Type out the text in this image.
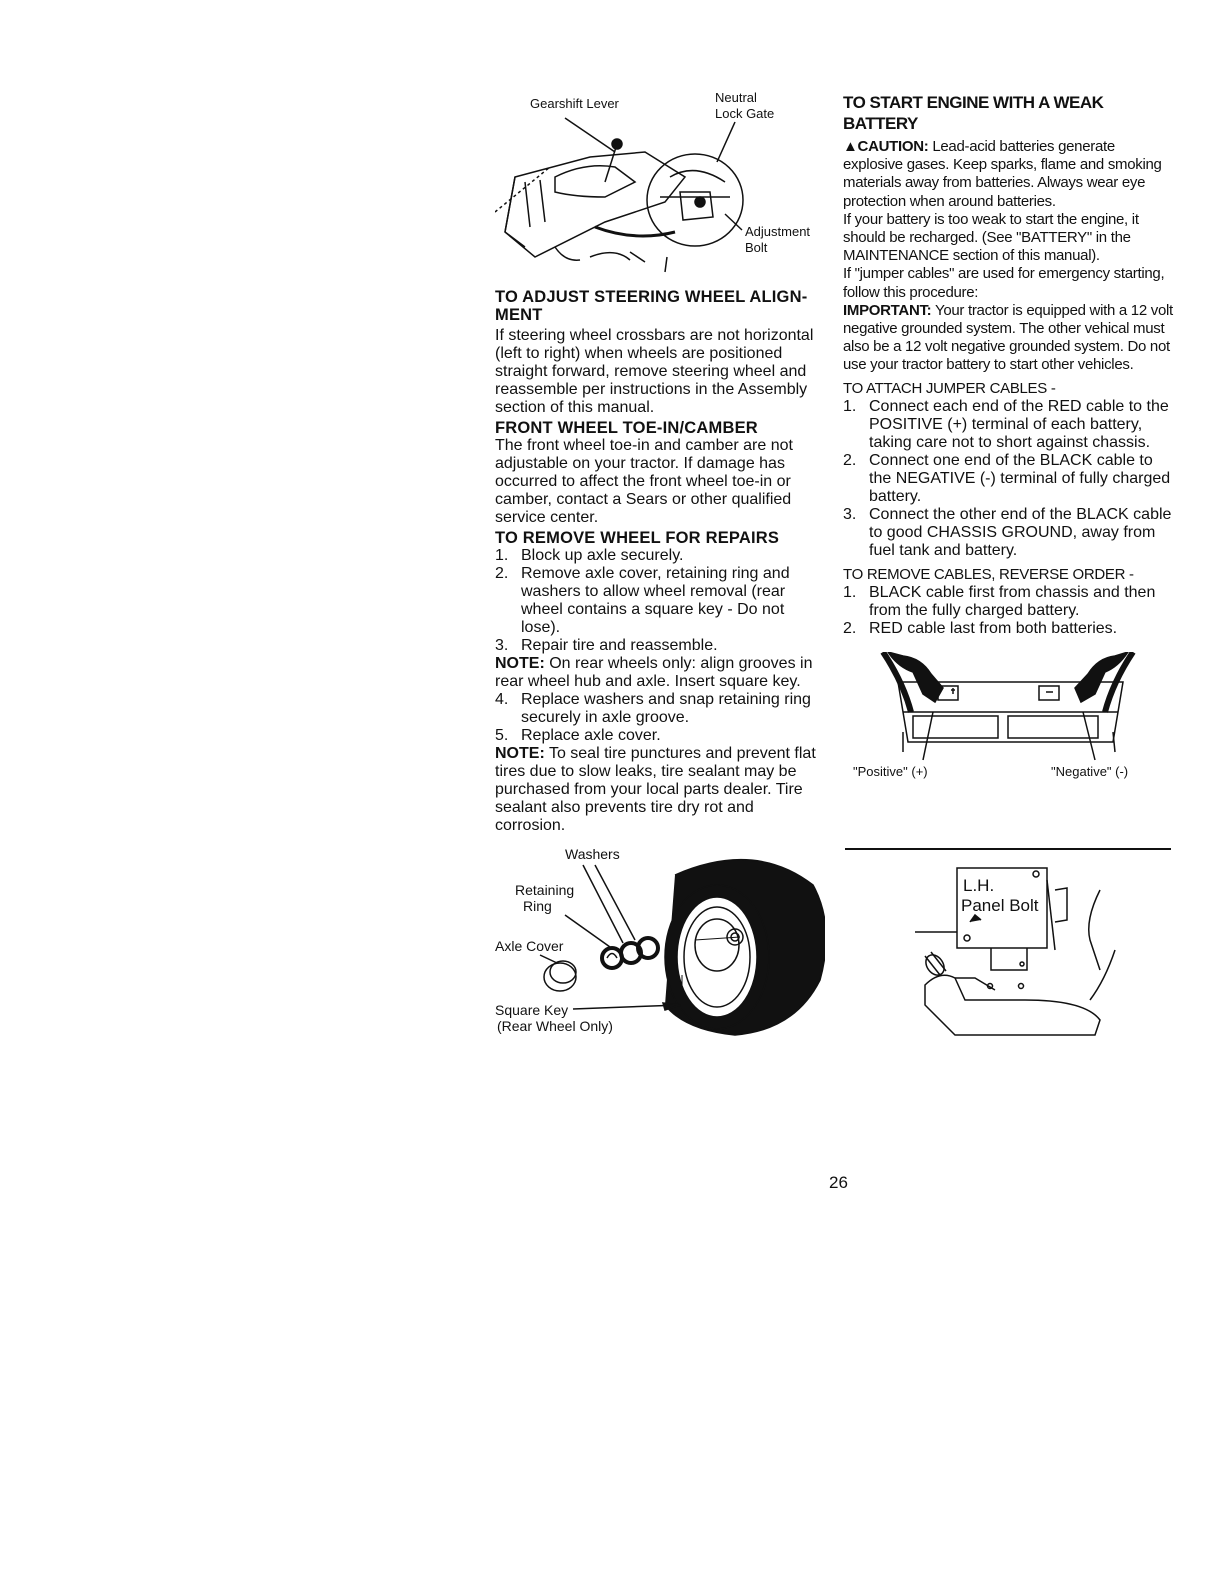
Gearshift Lever	Neutral
Lock Gate
Adjustment
Bolt

TO ADJUST STEERING WHEEL ALIGN-

MENT

If steering wheel crossbars are not horizontal (left to right) when wheels are positioned straight forward, remove steering wheel and reassemble per instructions in the Assembly section of this manual.

FRONT WHEEL TOE-IN/CAMBER

The front wheel toe-in and camber are not adjustable on your tractor. If damage has occurred to affect the front wheel toe-in or camber, contact a Sears or other qualified service center.

TO REMOVE WHEEL FOR REPAIRS

1. Block up axle securely.
2. Remove axle cover, retaining ring and washers to allow wheel removal (rear wheel contains a square key - Do not lose).
3. Repair tire and reassemble.

NOTE: On rear wheels only: align grooves in rear wheel hub and axle. Insert square key.

4. Replace washers and snap retaining ring securely in axle groove.
5. Replace axle cover.

NOTE: To seal tire punctures and prevent flat tires due to slow leaks, tire sealant may be purchased from your local parts dealer. Tire sealant also prevents tire dry rot and corrosion.

Washers
Retaining
Ring
Axle Cover
Square Key
(Rear Wheel Only)

TO START ENGINE WITH A WEAK

BATTERY

▲CAUTION: Lead-acid batteries generate explosive gases. Keep sparks, flame and smoking materials away from batteries. Always wear eye protection when around batteries.

If your battery is too weak to start the engine, it should be recharged. (See "BATTERY" in the MAINTENANCE section of this manual).

If "jumper cables" are used for emergency starting, follow this procedure:

IMPORTANT: Your tractor is equipped with a 12 volt negative grounded system. The other vehical must also be a 12 volt negative grounded system. Do not use your tractor battery to start other vehicles.

TO ATTACH JUMPER CABLES -

1. Connect each end of the RED cable to the POSITIVE (+) terminal of each battery, taking care not to short against chassis.
2. Connect one end of the BLACK cable to the NEGATIVE (-) terminal of fully charged battery.
3. Connect the other end of the BLACK cable to good CHASSIS GROUND, away from fuel tank and battery.

TO REMOVE CABLES, REVERSE ORDER -

1. BLACK cable first from chassis and then from the fully charged battery.
2. RED cable last from both batteries.
"Positive" (+)	"Negative" (-)
L.H.
Panel Bolt
26
